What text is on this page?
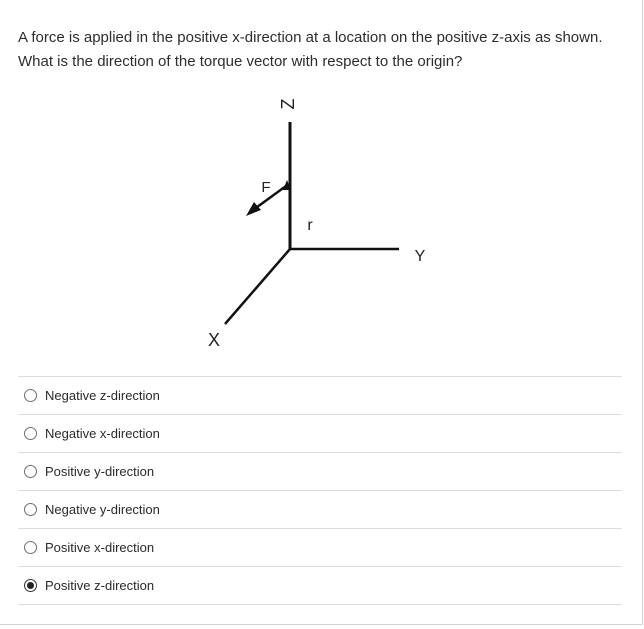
A force is applied in the positive x-direction at a location on the positive z-axis as shown. What is the direction of the torque vector with respect to the origin?
Z
F
r
Y
X
Negative z-direction
Negative x-direction
Positive y-direction
Negative y-direction
Positive x-direction
Positive z-direction
